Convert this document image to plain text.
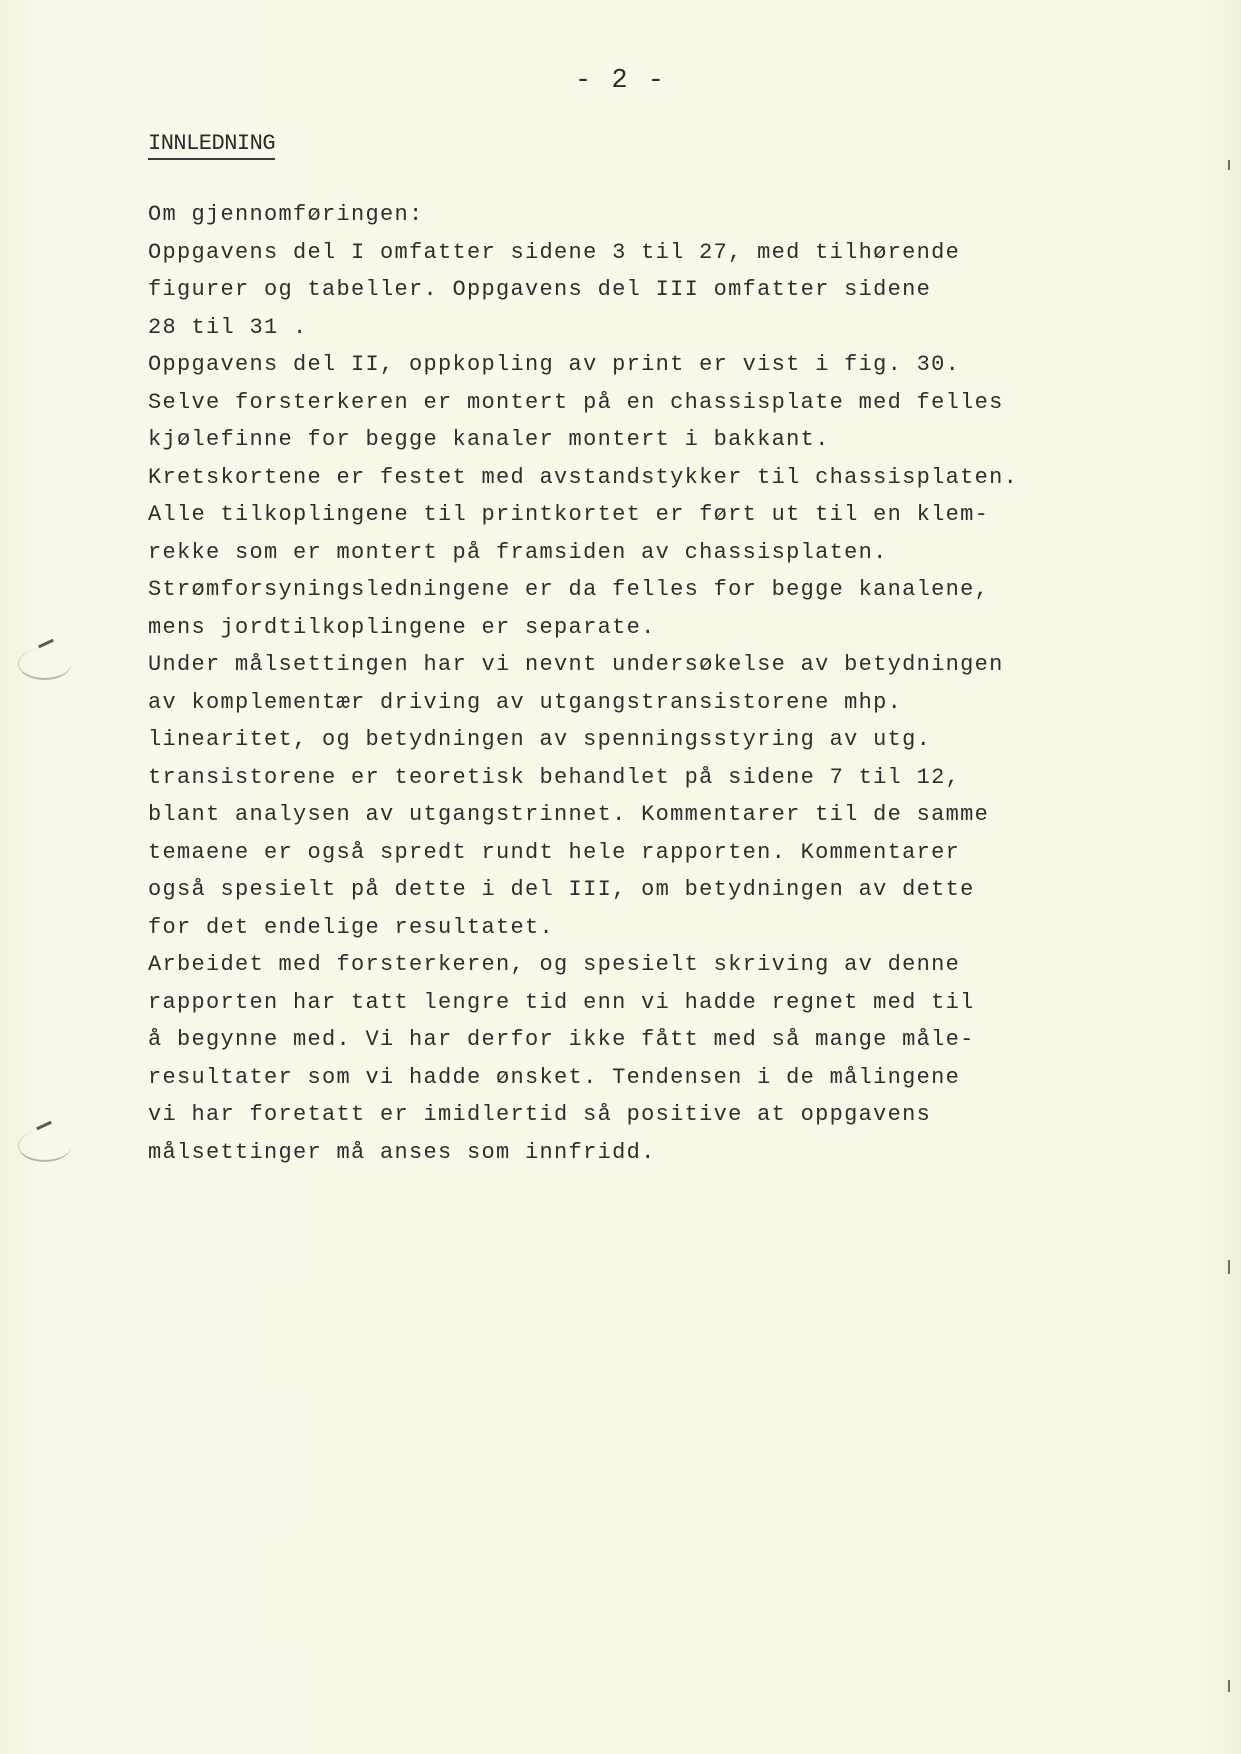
- 2 -
INNLEDNING
Om gjennomføringen:
Oppgavens del I omfatter sidene 3 til 27, med tilhørende
figurer og tabeller. Oppgavens del III omfatter sidene
28 til 31 .
Oppgavens del II, oppkopling av print er vist i fig. 30.
Selve forsterkeren er montert på en chassisplate med felles
kjølefinne for begge kanaler montert i bakkant.
Kretskortene er festet med avstandstykker til chassisplaten.
Alle tilkoplingene til printkortet er ført ut til en klem-
rekke som er montert på framsiden av chassisplaten.
Strømforsyningsledningene er da felles for begge kanalene,
mens jordtilkoplingene er separate.
Under målsettingen har vi nevnt undersøkelse av betydningen
av komplementær driving av utgangstransistorene mhp.
linearitet, og betydningen av spenningsstyring av utg.
transistorene er teoretisk behandlet på sidene 7 til 12,
blant analysen av utgangstrinnet. Kommentarer til de samme
temaene er også spredt rundt hele rapporten. Kommentarer
også spesielt på dette i del III, om betydningen av dette
for det endelige resultatet.
Arbeidet med forsterkeren, og spesielt skriving av denne
rapporten har tatt lengre tid enn vi hadde regnet med til
å begynne med. Vi har derfor ikke fått med så mange måle-
resultater som vi hadde ønsket. Tendensen i de målingene
vi har foretatt er imidlertid så positive at oppgavens
målsettinger må anses som innfridd.
